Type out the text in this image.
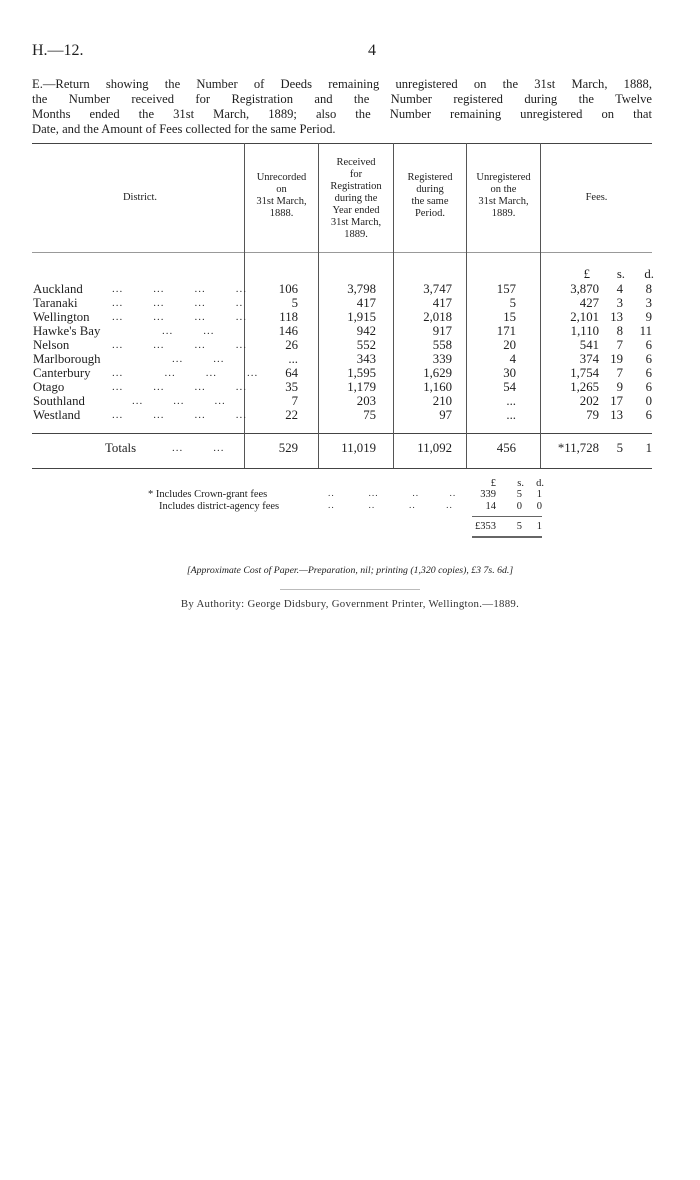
H.—12.	4

E.—Return showing the Number of Deeds remaining unregistered on the 31st March, 1888,

the Number received for Registration and the Number registered during the Twelve

Months ended the 31st March, 1889; also the Number remaining unregistered on that

Date, and the Amount of Fees collected for the same Period.

District.
Unrecorded
on
31st March,
1888.
Received
for
Registration
during the
Year ended
31st March,
1889.
Registered
during
the same
Period.
Unregistered
on the
31st March,
1889.
Fees.
£	s.	d.
Auckland	...        ...        ...        ...	106	3,798	3,747	157	3,870	4	8
Taranaki	...        ...        ...        ..	5	417	417	5	427	3	3
Wellington ...        ...        ...        ...	118	1,915	2,018	15	2,101 13	9
Hawke's Bay	...        ...	146	942	917	171	1,110	8	11
Nelson	...        ...        ...        ...	26	552	558	20	541	7	6
Marlborough	...        ...	...	343	339	4	374 19	6
Canterbury ...           ...        ...        ...	64	1,595	1,629	30	1,754	7	6
Otago	...        ...        ...        ...	35	1,179	1,160	54	1,265	9	6
Southland	...        ...        ...	7	203	210	...	202 17	0
Westland	...        ...        ...        ...	22	75	97	...	79 13	6
Totals	...        ...	529	11,019	11,092	456	*11,728	5	1
£	s.	d.
* Includes Crown-grant fees	..          ...          ..         ..	339	5	1
Includes district-agency fees	..          ..          ..         ..	14	0	0
£353	5	1
[Approximate Cost of Paper.—Preparation, nil; printing (1,320 copies), £3 7s. 6d.]
By Authority: George Didsbury, Government Printer, Wellington.—1889.
